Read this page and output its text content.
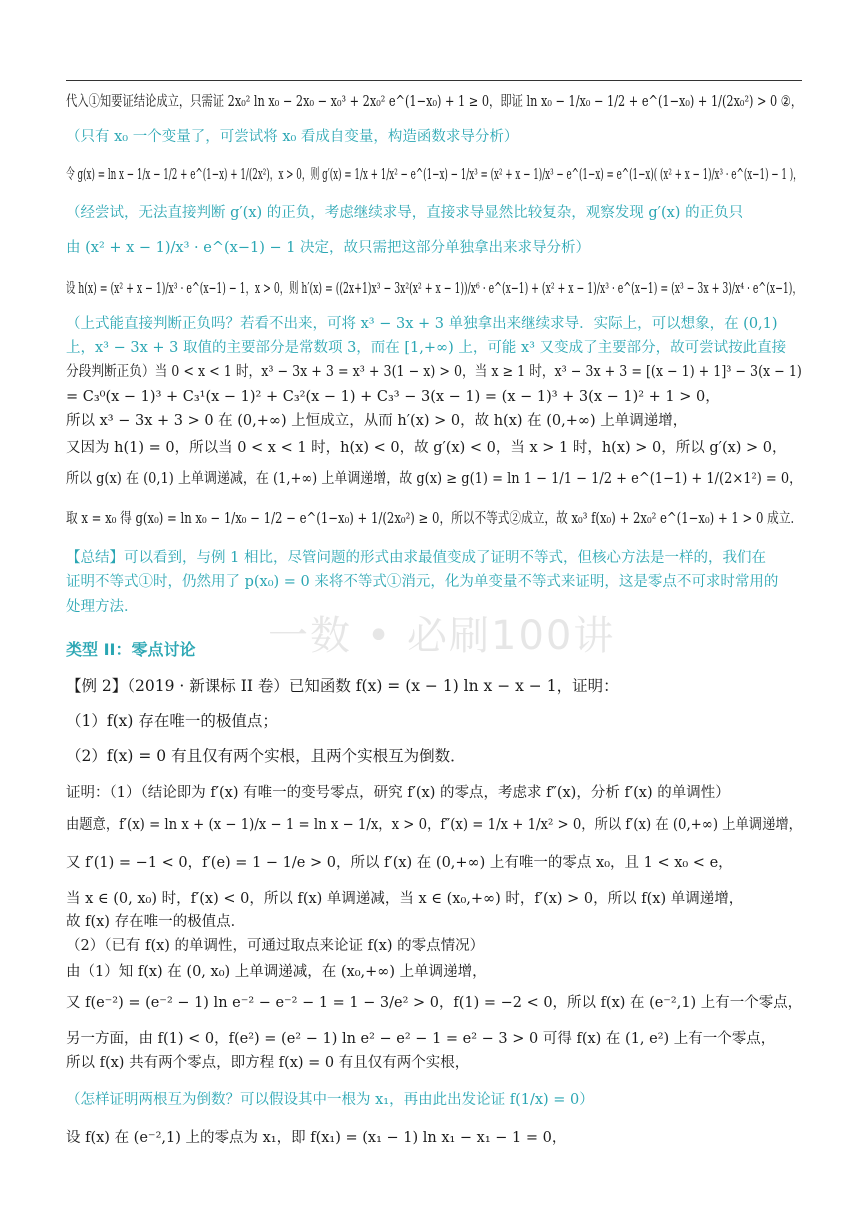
一数 • 必刷100讲
代入①知要证结论成立，只需证 2x₀² ln x₀ − 2x₀ − x₀³ + 2x₀² e^(1−x₀) + 1 ≥ 0，即证 ln x₀ − 1/x₀ − 1/2 + e^(1−x₀) + 1/(2x₀²) > 0 ②，
（只有 x₀ 一个变量了，可尝试将 x₀ 看成自变量，构造函数求导分析）
令 g(x) = ln x − 1/x − 1/2 + e^(1−x) + 1/(2x²)，x > 0，则 g′(x) = 1/x + 1/x² − e^(1−x) − 1/x³ = (x² + x − 1)/x³ − e^(1−x) = e^(1−x)( (x² + x − 1)/x³ · e^(x−1) − 1 )，
（经尝试，无法直接判断 g′(x) 的正负，考虑继续求导，直接求导显然比较复杂，观察发现 g′(x) 的正负只
由 (x² + x − 1)/x³ · e^(x−1) − 1 决定，故只需把这部分单独拿出来求导分析）
设 h(x) = (x² + x − 1)/x³ · e^(x−1) − 1，x > 0，则 h′(x) = ((2x+1)x³ − 3x²(x² + x − 1))/x⁶ · e^(x−1) + (x² + x − 1)/x³ · e^(x−1) = (x³ − 3x + 3)/x⁴ · e^(x−1)，
（上式能直接判断正负吗？若看不出来，可将 x³ − 3x + 3 单独拿出来继续求导．实际上，可以想象，在 (0,1)
上，x³ − 3x + 3 取值的主要部分是常数项 3，而在 [1,+∞) 上，可能 x³ 又变成了主要部分，故可尝试按此直接
分段判断正负）当 0 < x < 1 时，x³ − 3x + 3 = x³ + 3(1 − x) > 0，当 x ≥ 1 时，x³ − 3x + 3 = [(x − 1) + 1]³ − 3(x − 1)
= C₃⁰(x − 1)³ + C₃¹(x − 1)² + C₃²(x − 1) + C₃³ − 3(x − 1) = (x − 1)³ + 3(x − 1)² + 1 > 0，
所以 x³ − 3x + 3 > 0 在 (0,+∞) 上恒成立，从而 h′(x) > 0，故 h(x) 在 (0,+∞) 上单调递增，
又因为 h(1) = 0，所以当 0 < x < 1 时，h(x) < 0，故 g′(x) < 0，当 x > 1 时，h(x) > 0，所以 g′(x) > 0，
所以 g(x) 在 (0,1) 上单调递减，在 (1,+∞) 上单调递增，故 g(x) ≥ g(1) = ln 1 − 1/1 − 1/2 + e^(1−1) + 1/(2×1²) = 0，
取 x = x₀ 得 g(x₀) = ln x₀ − 1/x₀ − 1/2 − e^(1−x₀) + 1/(2x₀²) ≥ 0，所以不等式②成立，故 x₀³ f(x₀) + 2x₀² e^(1−x₀) + 1 > 0 成立．
【总结】可以看到，与例 1 相比，尽管问题的形式由求最值变成了证明不等式，但核心方法是一样的，我们在
证明不等式①时，仍然用了 p(x₀) = 0 来将不等式①消元，化为单变量不等式来证明，这是零点不可求时常用的
处理方法．
类型 II：零点讨论
【例 2】（2019 · 新课标 II 卷）已知函数 f(x) = (x − 1) ln x − x − 1，证明：
（1）f(x) 存在唯一的极值点；
（2）f(x) = 0 有且仅有两个实根，且两个实根互为倒数．
证明：（1）（结论即为 f′(x) 有唯一的变号零点，研究 f′(x) 的零点，考虑求 f″(x)，分析 f′(x) 的单调性）
由题意，f′(x) = ln x + (x − 1)/x − 1 = ln x − 1/x，x > 0，f″(x) = 1/x + 1/x² > 0，所以 f′(x) 在 (0,+∞) 上单调递增，
又 f′(1) = −1 < 0，f′(e) = 1 − 1/e > 0，所以 f′(x) 在 (0,+∞) 上有唯一的零点 x₀，且 1 < x₀ < e，
当 x ∈ (0, x₀) 时，f′(x) < 0，所以 f(x) 单调递减，当 x ∈ (x₀,+∞) 时，f′(x) > 0，所以 f(x) 单调递增，
故 f(x) 存在唯一的极值点．
（2）（已有 f(x) 的单调性，可通过取点来论证 f(x) 的零点情况）
由（1）知 f(x) 在 (0, x₀) 上单调递减，在 (x₀,+∞) 上单调递增，
又 f(e⁻²) = (e⁻² − 1) ln e⁻² − e⁻² − 1 = 1 − 3/e² > 0，f(1) = −2 < 0，所以 f(x) 在 (e⁻²,1) 上有一个零点，
另一方面，由 f(1) < 0，f(e²) = (e² − 1) ln e² − e² − 1 = e² − 3 > 0 可得 f(x) 在 (1, e²) 上有一个零点，
所以 f(x) 共有两个零点，即方程 f(x) = 0 有且仅有两个实根，
（怎样证明两根互为倒数？可以假设其中一根为 x₁，再由此出发论证 f(1/x) = 0）
设 f(x) 在 (e⁻²,1) 上的零点为 x₁，即 f(x₁) = (x₁ − 1) ln x₁ − x₁ − 1 = 0，
